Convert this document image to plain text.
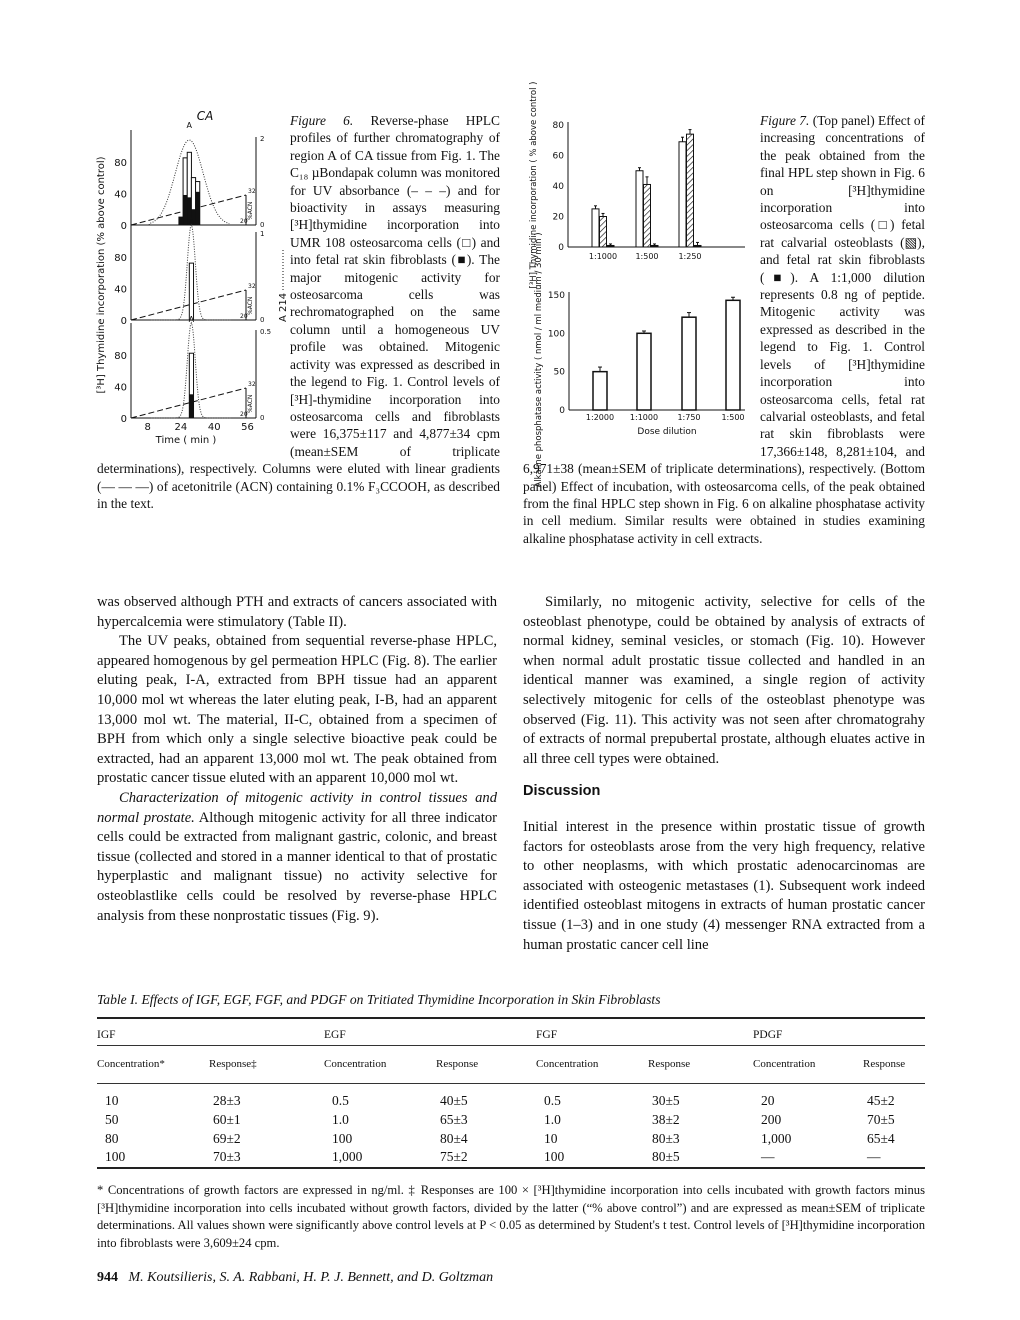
CA
2
0
0
40
80
32
20
%ACN
A
1
0
0
40
80
32
20
%ACN
A
0.5
0
0
40
80
32
20
%ACN
A
8 24 40 56
Time ( min )
[³H] Thymidine incorporation (% above control)	A 214
0
20
40
60
80
1:1000 1:500 1:250
[³H] Thymidine incorporation ( % above control )
0
50
100
150
1:2000 1:1000 1:750	1:500
Dose dilution
Alkaline phosphatase activity ( nmol / ml medium / 30 min )
Figure 6. Reverse-phase HPLC profiles of further chromatography of region A of CA tissue from Fig. 1. The C₁₈ µBondapak column was monitored for UV absorbance (– – –) and for bioactivity in assays measuring [³H]thymidine incorporation into UMR 108 osteosarcoma cells (□) and into fetal rat skin fibroblasts (■). The major mitogenic activity for osteosarcoma cells was rechromatographed on the same column until a homogeneous UV profile was obtained. Mitogenic activity was expressed as described in the legend to Fig. 1. Control levels of [³H]-thymidine incorporation into osteosarcoma cells and fibroblasts were 16,375±117 and 4,877±34 cpm (mean±SEM of triplicate determinations), respectively. Columns were eluted with linear gradients (— — —) of acetonitrile (ACN) containing 0.1% F₃CCOOH, as described in the text.
Figure 7. (Top panel) Effect of increasing concentrations of the peak obtained from the final HPL step shown in Fig. 6 on [³H]thymidine incorporation into osteosarcoma cells (□) fetal rat calvarial osteoblasts (▧), and fetal rat skin fibroblasts (■). A 1:1,000 dilution represents 0.8 ng of peptide. Mitogenic activity was expressed as described in the legend to Fig. 1. Control levels of [³H]thymidine incorporation into osteosarcoma cells, fetal rat calvarial osteoblasts, and fetal rat skin fibroblasts were 17,366±148, 8,281±104, and 6,971±38 (mean±SEM of triplicate determinations), respectively. (Bottom panel) Effect of incubation, with osteosarcoma cells, of the peak obtained from the final HPLC step shown in Fig. 6 on alkaline phosphatase activity in cell medium. Similar results were obtained in studies examining alkaline phosphatase activity in cell extracts.

was observed although PTH and extracts of cancers associated with hypercalcemia were stimulatory (Table II).

The UV peaks, obtained from sequential reverse-phase HPLC, appeared homogenous by gel permeation HPLC (Fig. 8). The earlier eluting peak, I-A, extracted from BPH tissue had an apparent 10,000 mol wt whereas the later eluting peak, I-B, had an apparent 13,000 mol wt. The material, II-C, obtained from a specimen of BPH from which only a single selective bioactive peak could be extracted, had an apparent 13,000 mol wt. The peak obtained from prostatic cancer tissue eluted with an apparent 10,000 mol wt.

Characterization of mitogenic activity in control tissues and normal prostate. Although mitogenic activity for all three indicator cells could be extracted from malignant gastric, colonic, and breast tissue (collected and stored in a manner identical to that of prostatic hyperplastic and malignant tissue) no activity selective for osteoblastlike cells could be resolved by reverse-phase HPLC analysis from these nonprostatic tissues (Fig. 9).

Similarly, no mitogenic activity, selective for cells of the osteoblast phenotype, could be obtained by analysis of extracts of normal kidney, seminal vesicles, or stomach (Fig. 10). However when normal adult prostatic tissue collected and handled in an identical manner was examined, a single region of activity selectively mitogenic for cells of the osteoblast phenotype was observed (Fig. 11). This activity was not seen after chromatograhy of extracts of normal prepubertal prostate, although eluates active in all three cell types were obtained.

Discussion

Initial interest in the presence within prostatic tissue of growth factors for osteoblasts arose from the very high frequency, relative to other neoplasms, with which prostatic adenocarcinomas are associated with osteogenic metastases (1). Subsequent work indeed identified osteoblast mitogens in extracts of human prostatic cancer tissue (1–3) and in one study (4) messenger RNA extracted from a human prostatic cancer cell line

Table I. Effects of IGF, EGF, FGF, and PDGF on Tritiated Thymidine Incorporation in Skin Fibroblasts
IGF		EGF		FGF		PDGF	
Concentration*	Response‡	Concentration	Response	Concentration	Response	Concentration	Response
10	28±3	0.5	40±5	0.5	30±5	20	45±2
50	60±1	1.0	65±3	1.0	38±2	200	70±5
80	69±2	100	80±4	10	80±3	1,000	65±4
100	70±3	1,000	75±2	100	80±5	—	—
* Concentrations of growth factors are expressed in ng/ml. ‡ Responses are 100 × [³H]thymidine incorporation into cells incubated with growth factors minus [³H]thymidine incorporation into cells incubated without growth factors, divided by the latter (“% above control”) and are expressed as mean±SEM of triplicate determinations. All values shown were significantly above control levels at P < 0.05 as determined by Student's t test. Control levels of [³H]thymidine incorporation into fibroblasts were 3,609±24 cpm.
944 M. Koutsilieris, S. A. Rabbani, H. P. J. Bennett, and D. Goltzman
